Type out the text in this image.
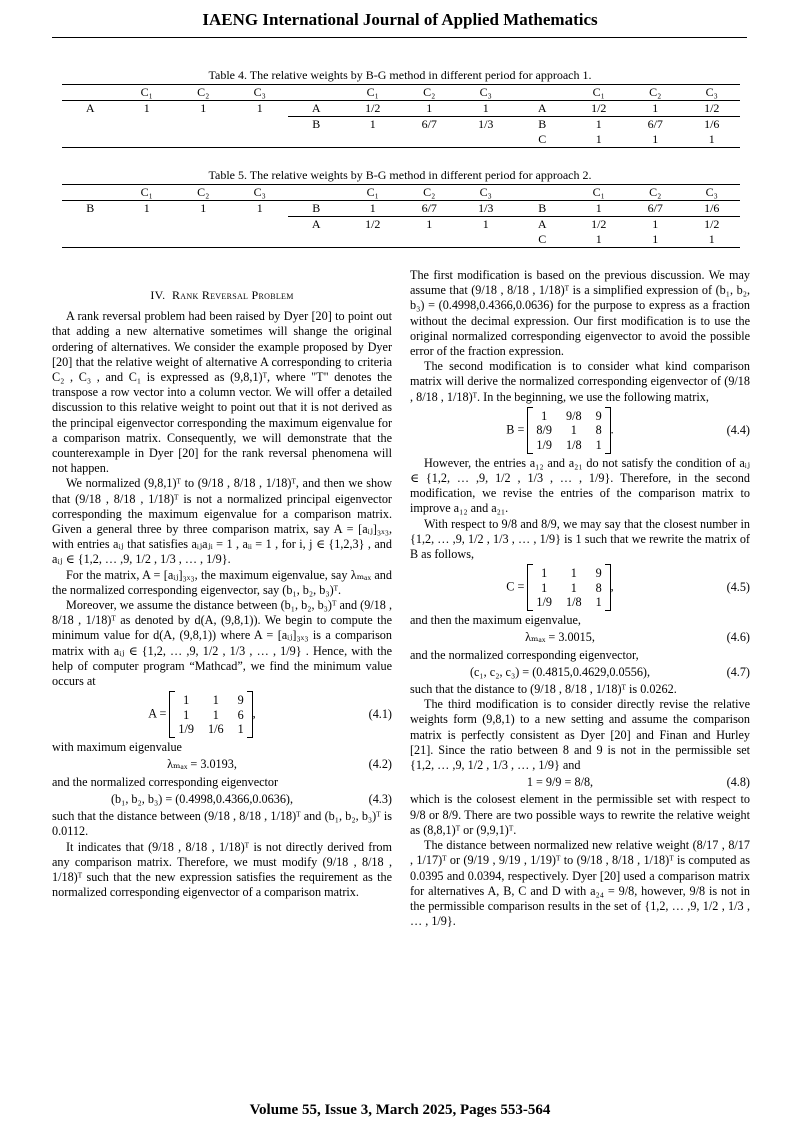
IAENG International Journal of Applied Mathematics
Table 4. The relative weights by B-G method in different period for approach 1.
	C₁	C₂	C₃		C₁	C₂	C₃		C₁	C₂	C₃
A	1	1	1	A	1/2	1	1	A	1/2	1	1/2
				B	1	6/7	1/3	B	1	6/7	1/6
								C	1	1	1
Table 5. The relative weights by B-G method in different period for approach 2.
	C₁	C₂	C₃		C₁	C₂	C₃		C₁	C₂	C₃
B	1	1	1	B	1	6/7	1/3	B	1	6/7	1/6
				A	1/2	1	1	A	1/2	1	1/2
								C	1	1	1

IV. Rank Reversal Problem

A rank reversal problem had been raised by Dyer [20] to point out that adding a new alternative sometimes will shange the original ordering of alternatives. We consider the example proposed by Dyer [20] that the relative weight of alternative A corresponding to criteria C₂ , C₃ , and C₁ is expressed as (9,8,1)ᵀ, where "T" denotes the transpose a row vector into a column vector. We will offer a detailed discussion to this relative weight to point out that it is not derived as the principal eigenvector corresponding the maximum eigenvalue for a comparison matrix. Consequently, we will demonstrate that the counterexample in Dyer [20] for the rank reversal phenomena will not happen.

We normalized (9,8,1)ᵀ to (9/18 , 8/18 , 1/18)ᵀ, and then we show that (9/18 , 8/18 , 1/18)ᵀ is not a normalized principal eigenvector corresponding the maximum eigenvalue for a comparison matrix. Given a general three by three comparison matrix, say A = [aᵢⱼ]₃ₓ₃, with entries aᵢⱼ that satisfies aᵢⱼaⱼᵢ = 1 , aᵢᵢ = 1 , for i, j ∈ {1,2,3} , and aᵢⱼ ∈ {1,2, … ,9, 1/2 , 1/3 , … , 1/9}.

For the matrix, A = [aᵢⱼ]₃ₓ₃, the maximum eigenvalue, say λₘₐₓ and the normalized corresponding eigenvector, say (b₁, b₂, b₃)ᵀ.

Moreover, we assume the distance between (b₁, b₂, b₃)ᵀ and (9/18 , 8/18 , 1/18)ᵀ as denoted by d(A, (9,8,1)). We begin to compute the minimum value for d(A, (9,8,1)) where A = [aᵢⱼ]₃ₓ₃ is a comparison matrix with aᵢⱼ ∈ {1,2, … ,9, 1/2 , 1/3 , … , 1/9} . Hence, with the help of computer program “Mathcad”, we find the minimum value occurs at

A =
1	1	9
1	1	6
1/9 1/6 1
,	(4.1)

with maximum eigenvalue

λₘₐₓ = 3.0193,	(4.2)

and the normalized corresponding eigenvector

(b₁, b₂, b₃) = (0.4998,0.4366,0.0636),	(4.3)

such that the distance between (9/18 , 8/18 , 1/18)ᵀ and (b₁, b₂, b₃)ᵀ is 0.0112.

It indicates that (9/18 , 8/18 , 1/18)ᵀ is not directly derived from any comparison matrix. Therefore, we must modify (9/18 , 8/18 , 1/18)ᵀ such that the new expression satisfies the requirement as the normalized corresponding eigenvector of a comparison matrix.

The first modification is based on the previous discussion. We may assume that (9/18 , 8/18 , 1/18)ᵀ is a simplified expression of (b₁, b₂, b₃) = (0.4998,0.4366,0.0636) for the purpose to express as a fraction without the decimal expression. Our first modification is to use the original normalized corresponding eigenvector to avoid the possible error of the fraction expression.

The second modification is to consider what kind comparison matrix will derive the normalized corresponding eigenvector of (9/18 , 8/18 , 1/18)ᵀ. In the beginning, we use the following matrix,

B =
1	9/8 9
8/9	1	8
1/9 1/8 1
.	(4.4)

However, the entries a₁₂ and a₂₁ do not satisfy the condition of aᵢⱼ ∈ {1,2, … ,9, 1/2 , 1/3 , … , 1/9}. Therefore, in the second modification, we revise the entries of the comparison matrix to improve a₁₂ and a₂₁.

With respect to 9/8 and 8/9, we may say that the closest number in {1,2, … ,9, 1/2 , 1/3 , … , 1/9} is 1 such that we rewrite the matrix of B as follows,

C =
1	1	9
1	1	8
1/9 1/8 1
,	(4.5)

and then the maximum eigenvalue,

λₘₐₓ = 3.0015,	(4.6)

and the normalized corresponding eigenvector,

(c₁, c₂, c₃) = (0.4815,0.4629,0.0556),	(4.7)

such that the distance to (9/18 , 8/18 , 1/18)ᵀ is 0.0262.

The third modification is to consider directly revise the relative weights form (9,8,1) to a new setting and assume the comparison matrix is perfectly consistent as Dyer [20] and Finan and Hurley [21]. Since the ratio between 8 and 9 is not in the permissible set {1,2, … ,9, 1/2 , 1/3 , … , 1/9} and

1 = 9/9 = 8/8,	(4.8)

which is the colosest element in the permissible set with respect to 9/8 or 8/9. There are two possible ways to rewrite the relative weight as (8,8,1)ᵀ or (9,9,1)ᵀ.

The distance between normalized new relative weight (8/17 , 8/17 , 1/17)ᵀ or (9/19 , 9/19 , 1/19)ᵀ to (9/18 , 8/18 , 1/18)ᵀ is computed as 0.0395 and 0.0394, respectively. Dyer [20] used a comparison matrix for alternatives A, B, C and D with a₂₄ = 9/8, however, 9/8 is not in the permissible comparison results in the set of {1,2, … ,9, 1/2 , 1/3 , … , 1/9}.

Volume 55, Issue 3, March 2025, Pages 553-564
